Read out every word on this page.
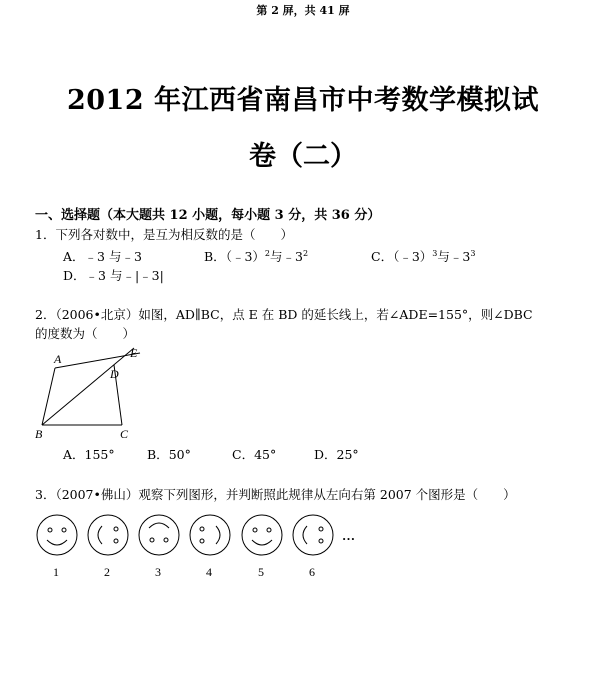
第 2 屏，共 41 屏
2012 年江西省南昌市中考数学模拟试
卷（二）
一、选择题（本大题共 12 小题，每小题 3 分，共 36 分）
1．下列各对数中，是互为相反数的是（　　）
A．﹣3 与﹣3	B．（﹣3）$^2$与$﹣3^2$	C．（﹣3）$^3$与$﹣3^3$
D．﹣3 与﹣|﹣3|
2．（2006•北京）如图，AD∥BC，点 E 在 BD 的延长线上，若∠ADE=155°，则∠DBC
的度数为（　　）
A	E
D
B	C
A．155°	B．50°	C．45°	D．25°
3．（2007•佛山）观察下列图形，并判断照此规律从左向右第 2007 个图形是（　　）
…
1	2	3	4	5	6
